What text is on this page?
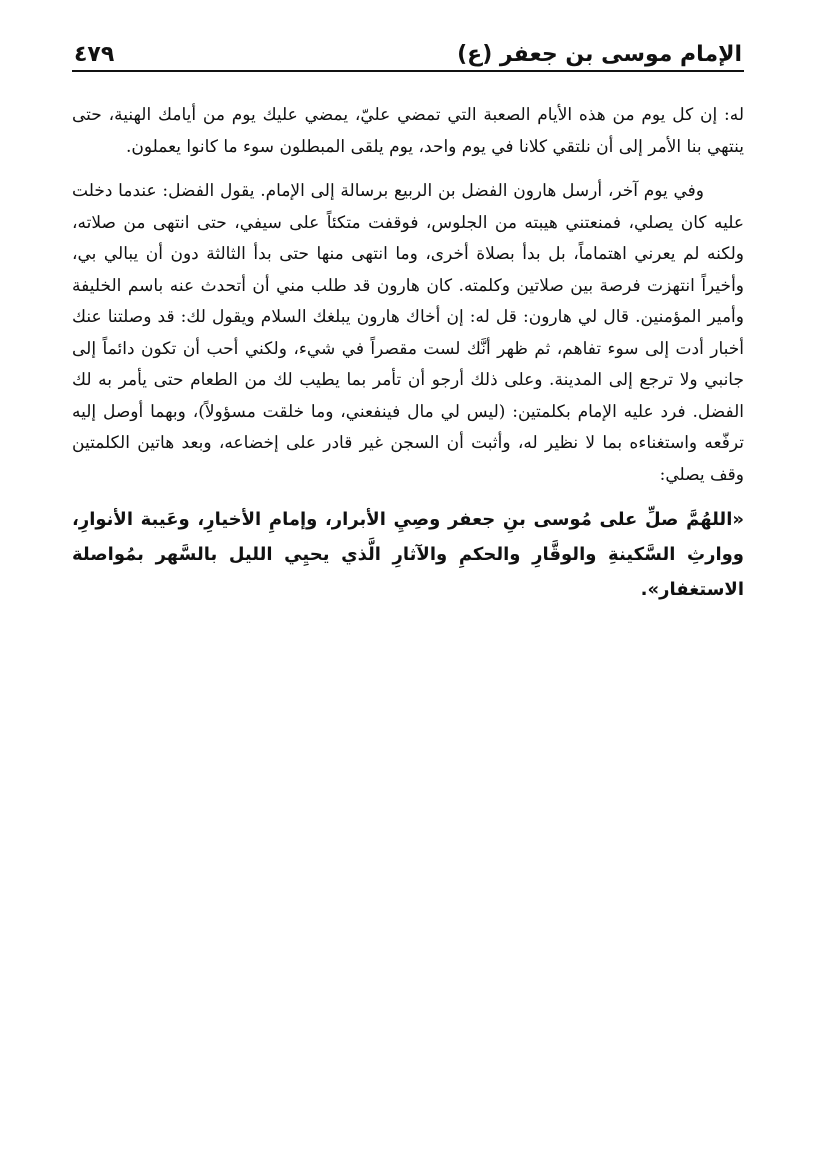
الإمام موسى بن جعفر (ع)
٤٧٩

له: إن كل يوم من هذه الأيام الصعبة التي تمضي عليّ، يمضي عليك يوم من أيامك الهنية، حتى ينتهي بنا الأمر إلى أن نلتقي كلانا في يوم واحد، يوم يلقى المبطلون سوء ما كانوا يعملون.

وفي يوم آخر، أرسل هارون الفضل بن الربيع برسالة إلى الإمام. يقول الفضل: عندما دخلت عليه كان يصلي، فمنعتني هيبته من الجلوس، فوقفت متكئاً على سيفي، حتى انتهى من صلاته، ولكنه لم يعرني اهتماماً، بل بدأ بصلاة أخرى، وما انتهى منها حتى بدأ الثالثة دون أن يبالي بي، وأخيراً انتهزت فرصة بين صلاتين وكلمته. كان هارون قد طلب مني أن أتحدث عنه باسم الخليفة وأمير المؤمنين. قال لي هارون: قل له: إن أخاك هارون يبلغك السلام ويقول لك: قد وصلتنا عنك أخبار أدت إلى سوء تفاهم، ثم ظهر أنَّك لست مقصراً في شيء، ولكني أحب أن تكون دائماً إلى جانبي ولا ترجع إلى المدينة. وعلى ذلك أرجو أن تأمر بما يطيب لك من الطعام حتى يأمر به لك الفضل. فرد عليه الإمام بكلمتين: (ليس لي مال فينفعني، وما خلقت مسؤولاً)، وبهما أوصل إليه ترفّعه واستغناءه بما لا نظير له، وأثبت أن السجن غير قادر على إخضاعه، وبعد هاتين الكلمتين وقف يصلي:

«اللهُمَّ صلِّ على مُوسى بنِ جعفر وصِيِ الأبرار، وإمامِ الأخيارِ، وعَيبة الأنوارِ، ووارثِ السَّكينةِ والوقَّارِ والحكمِ والآثارِ الَّذي يحيِي الليل بالسَّهر بمُواصلة الاستغفار».
